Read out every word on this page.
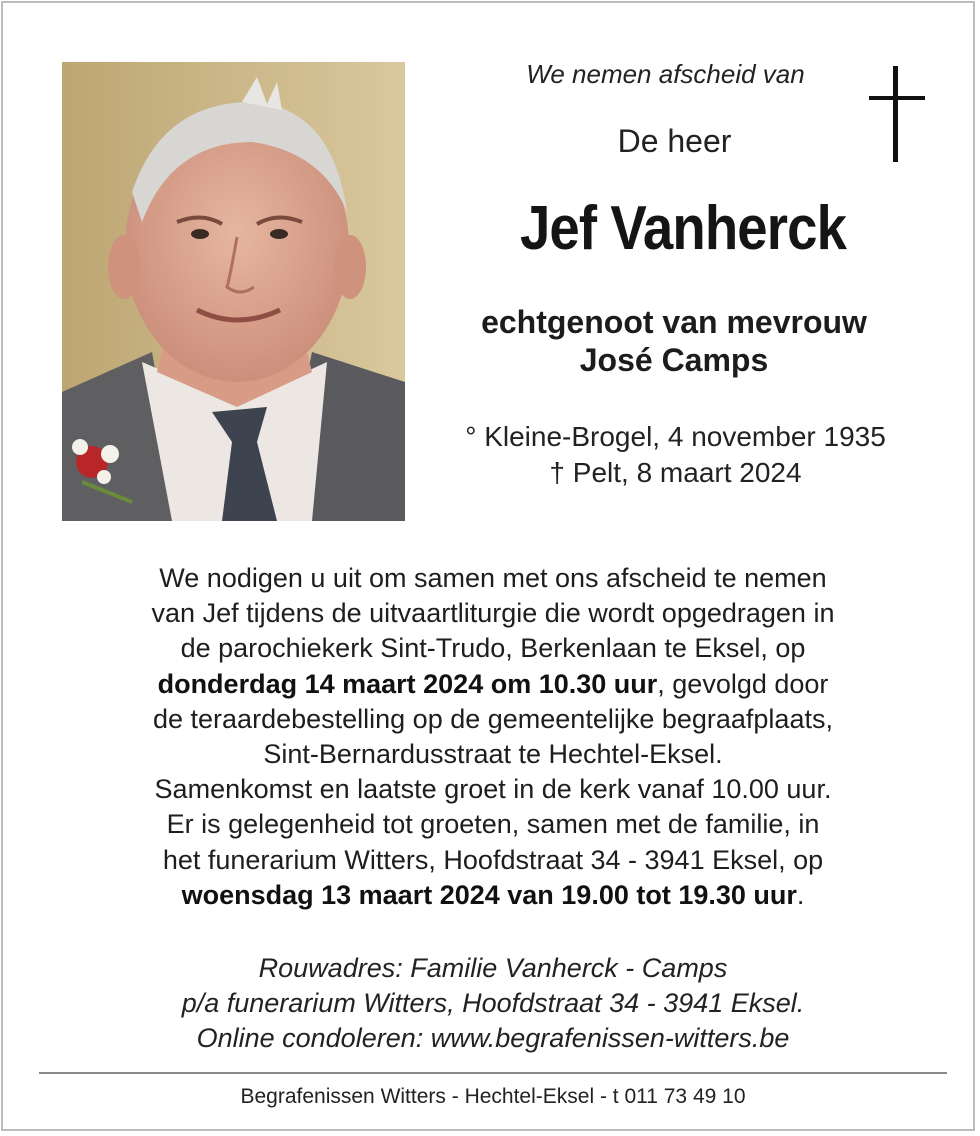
We nemen afscheid van
De heer
Jef Vanherck
echtgenoot van mevrouw
José Camps
° Kleine-Brogel, 4 november 1935
† Pelt, 8 maart 2024
We nodigen u uit om samen met ons afscheid te nemen
van Jef tijdens de uitvaartliturgie die wordt opgedragen in
de parochiekerk Sint-Trudo, Berkenlaan te Eksel, op
donderdag 14 maart 2024 om 10.30 uur, gevolgd door
de teraardebestelling op de gemeentelijke begraafplaats,
Sint-Bernardusstraat te Hechtel-Eksel.
Samenkomst en laatste groet in de kerk vanaf 10.00 uur.
Er is gelegenheid tot groeten, samen met de familie, in
het funerarium Witters, Hoofdstraat 34 - 3941 Eksel, op
woensdag 13 maart 2024 van 19.00 tot 19.30 uur.
Rouwadres: Familie Vanherck - Camps
p/a funerarium Witters, Hoofdstraat 34 - 3941 Eksel.
Online condoleren: www.begrafenissen-witters.be
Begrafenissen Witters - Hechtel-Eksel - t 011 73 49 10
